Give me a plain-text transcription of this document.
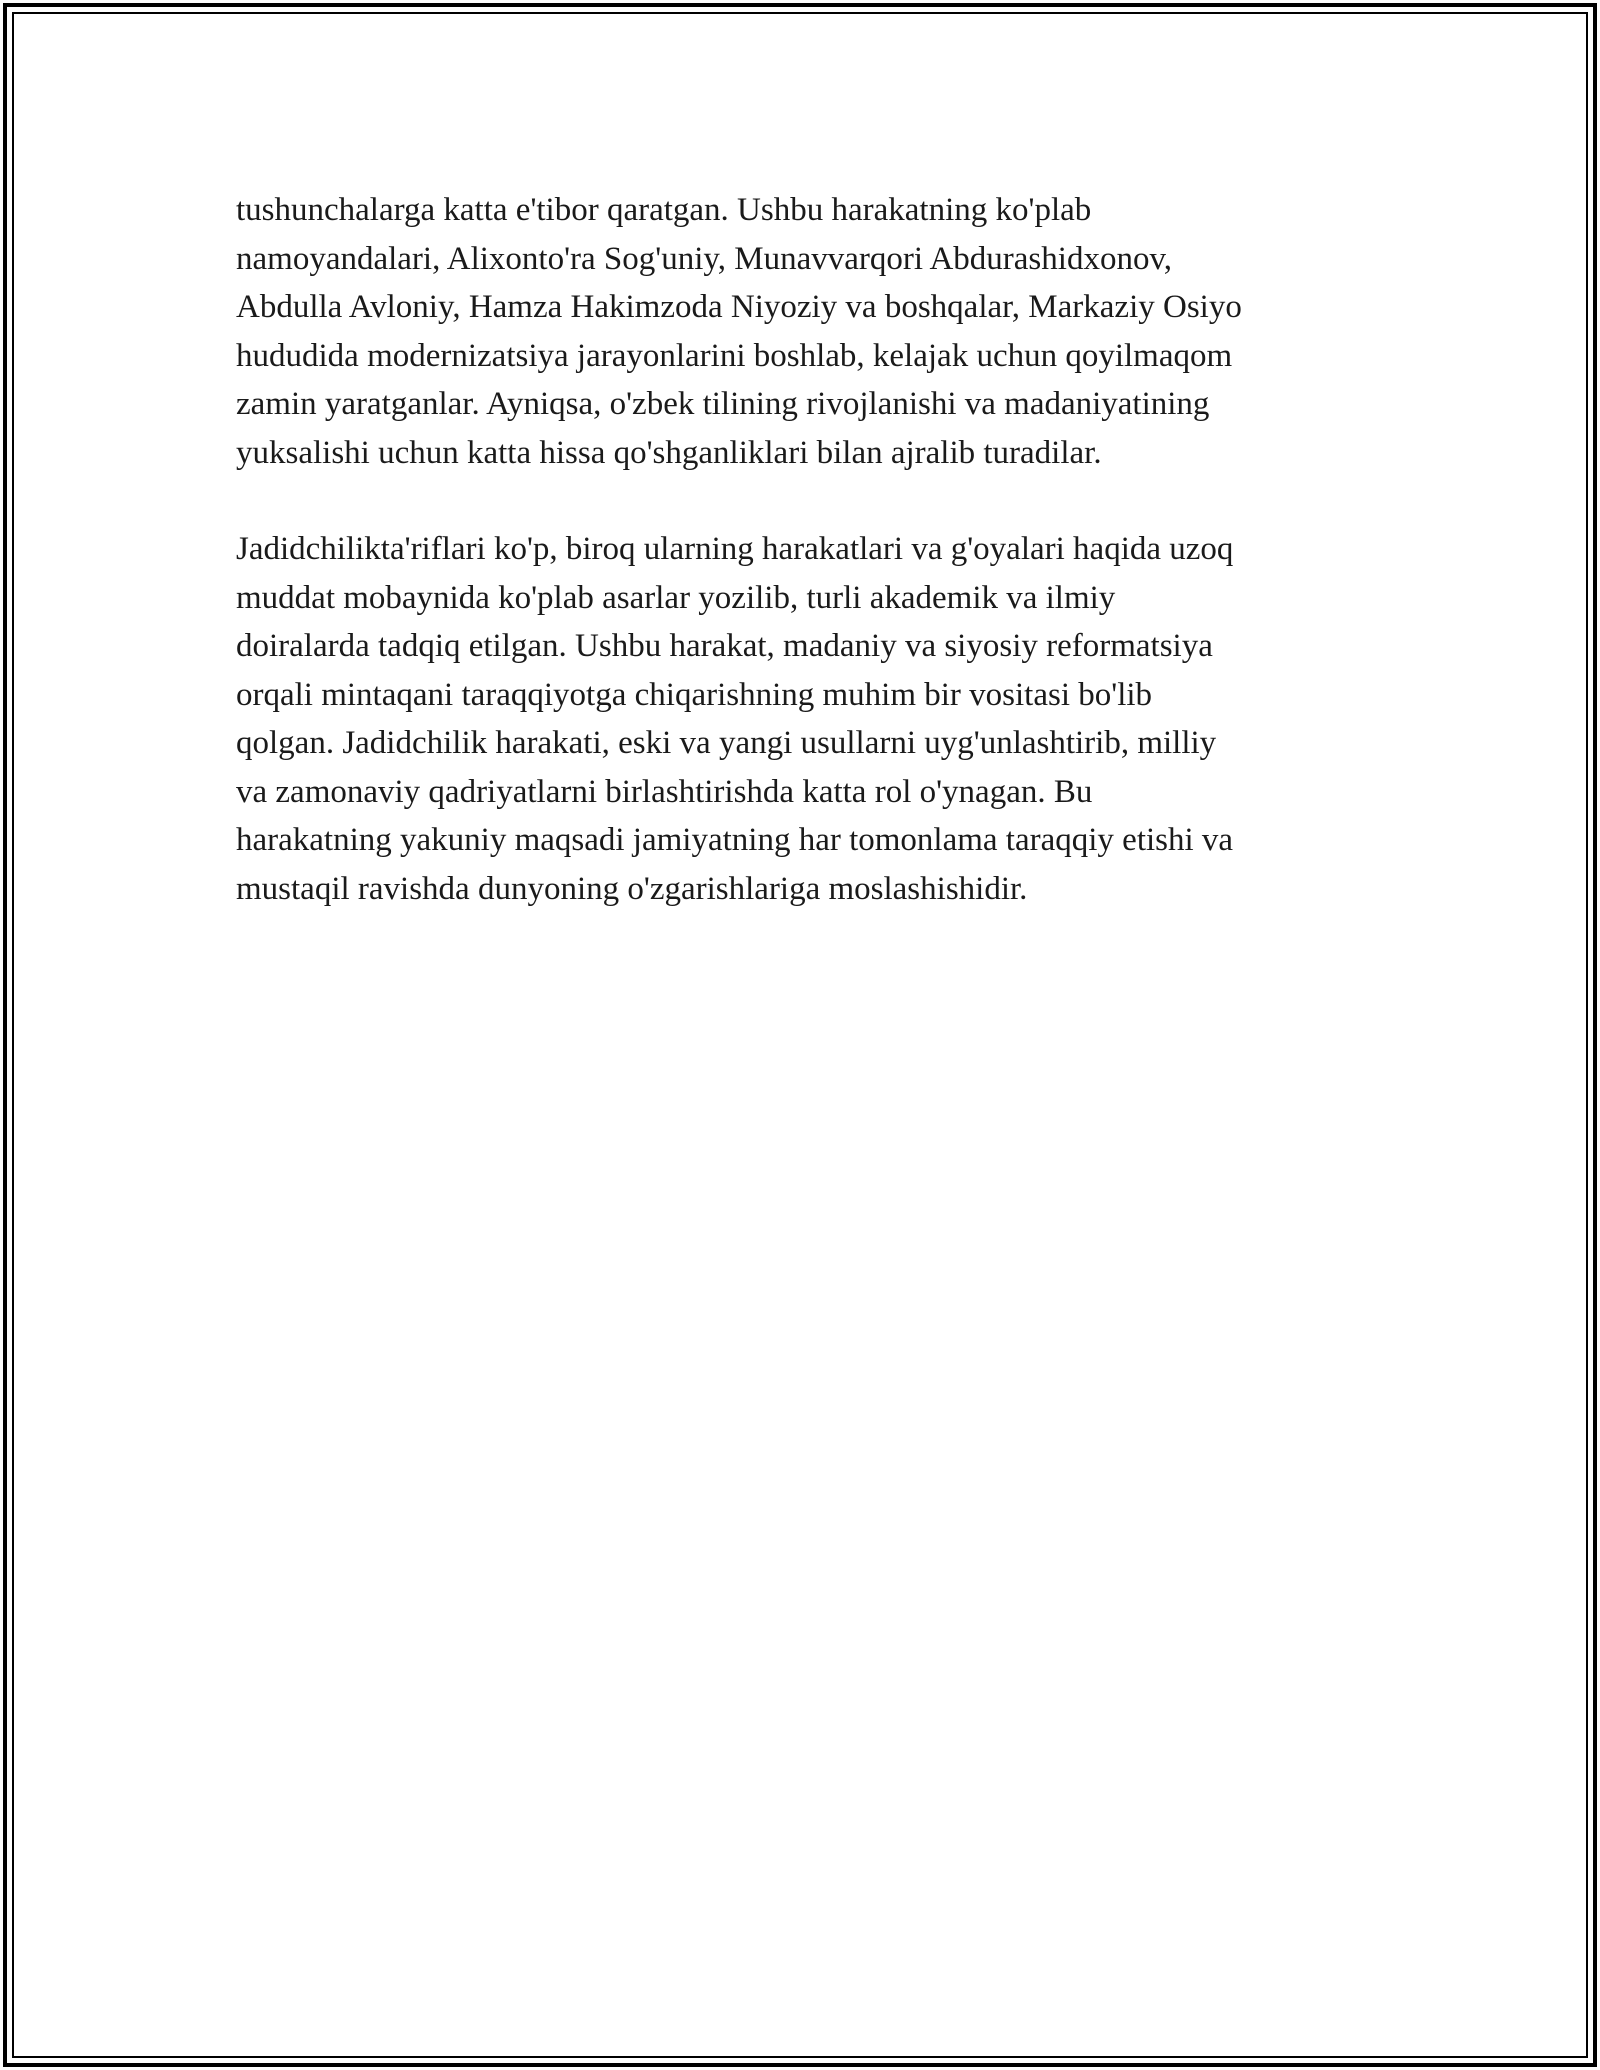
tushunchalarga katta e'tibor qaratgan. Ushbu harakatning ko'plab
namoyandalari, Alixonto'ra Sog'uniy, Munavvarqori Abdurashidxonov,
Abdulla Avloniy, Hamza Hakimzoda Niyoziy va boshqalar, Markaziy Osiyo
hududida modernizatsiya jarayonlarini boshlab, kelajak uchun qoyilmaqom
zamin yaratganlar. Ayniqsa, o'zbek tilining rivojlanishi va madaniyatining
yuksalishi uchun katta hissa qo'shganliklari bilan ajralib turadilar.

Jadidchilikta'riflari ko'p, biroq ularning harakatlari va g'oyalari haqida uzoq
muddat mobaynida ko'plab asarlar yozilib, turli akademik va ilmiy
doiralarda tadqiq etilgan. Ushbu harakat, madaniy va siyosiy reformatsiya
orqali mintaqani taraqqiyotga chiqarishning muhim bir vositasi bo'lib
qolgan. Jadidchilik harakati, eski va yangi usullarni uyg'unlashtirib, milliy
va zamonaviy qadriyatlarni birlashtirishda katta rol o'ynagan. Bu
harakatning yakuniy maqsadi jamiyatning har tomonlama taraqqiy etishi va
mustaqil ravishda dunyoning o'zgarishlariga moslashishidir.
